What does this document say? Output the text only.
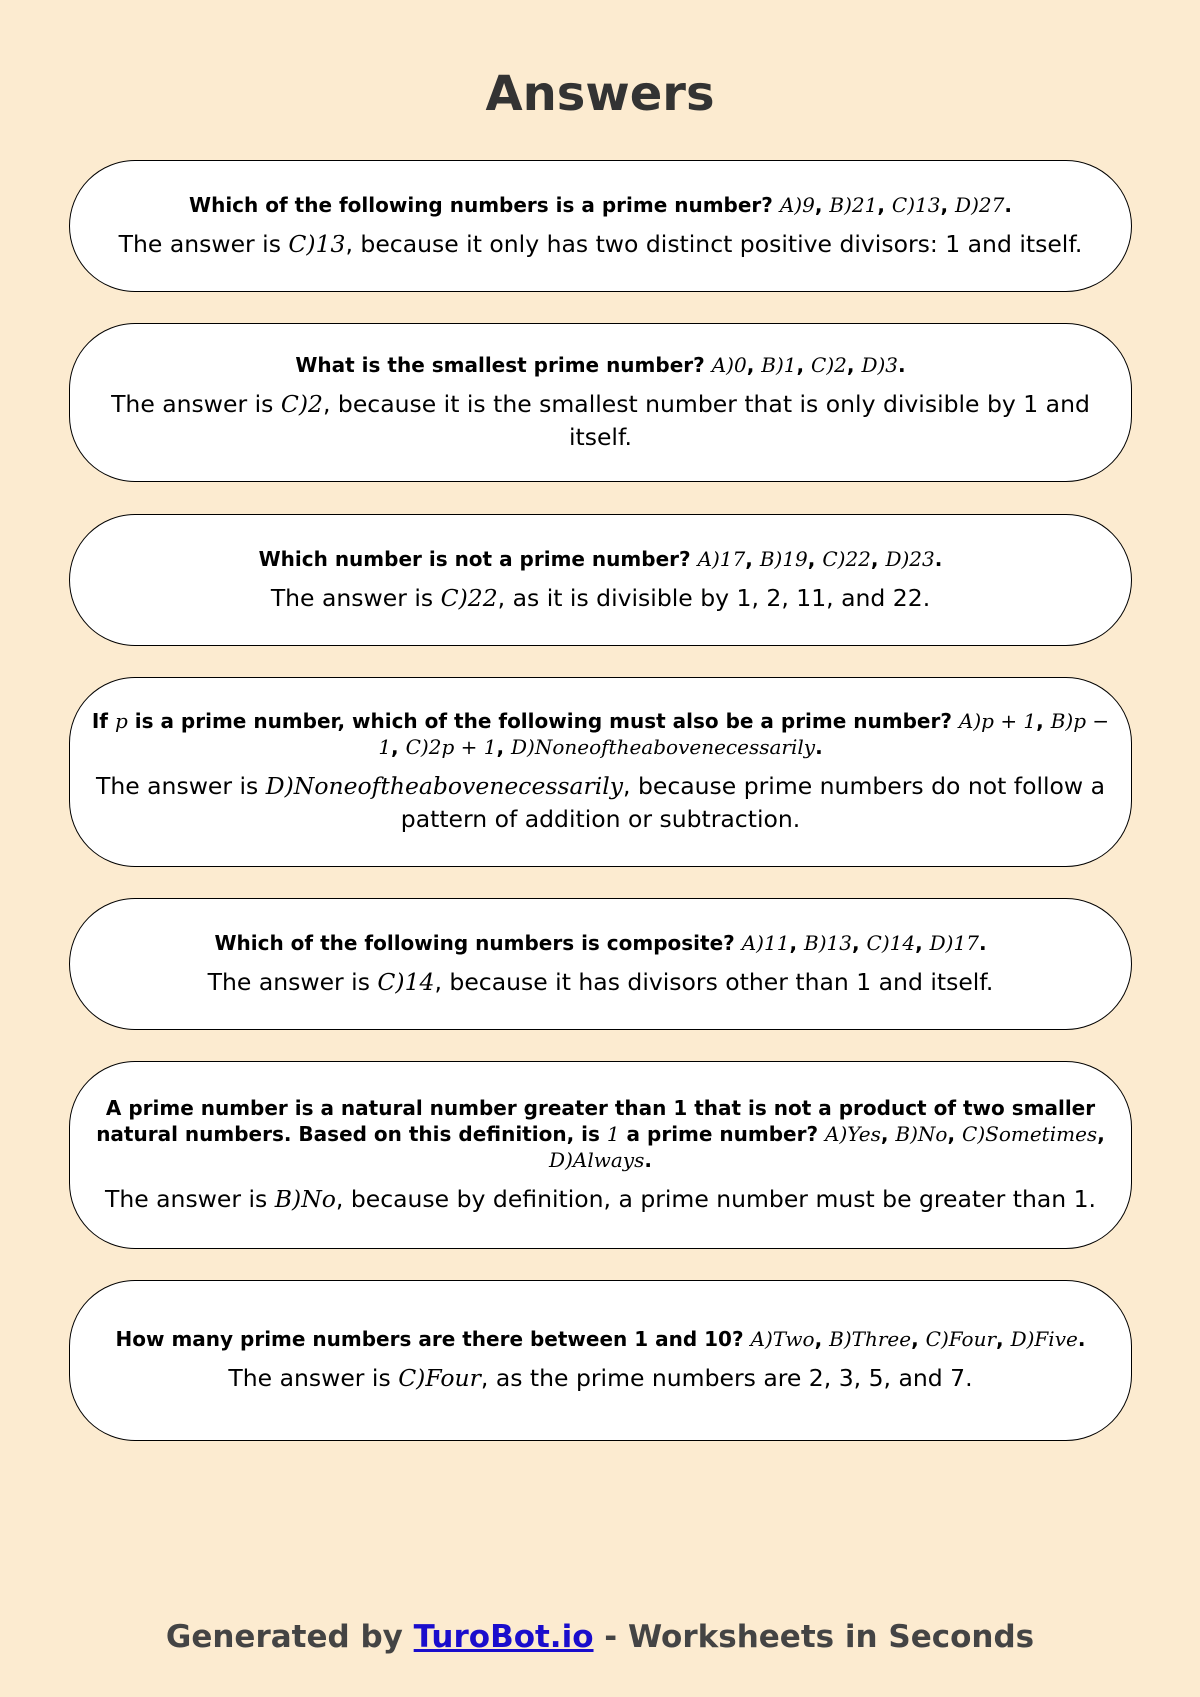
Answers
Which of the following numbers is a prime number? A)9, B)21, C)13, D)27.
The answer is C)13, because it only has two distinct positive divisors: 1 and itself.
What is the smallest prime number? A)0, B)1, C)2, D)3.
The answer is C)2, because it is the smallest number that is only divisible by 1 and itself.
Which number is not a prime number? A)17, B)19, C)22, D)23.
The answer is C)22, as it is divisible by 1, 2, 11, and 22.
If p is a prime number, which of the following must also be a prime number? A)p + 1, B)p − 1, C)2p + 1, D)Noneoftheabovenecessarily.
The answer is D)Noneoftheabovenecessarily, because prime numbers do not follow a pattern of addition or subtraction.
Which of the following numbers is composite? A)11, B)13, C)14, D)17.
The answer is C)14, because it has divisors other than 1 and itself.
A prime number is a natural number greater than 1 that is not a product of two smaller natural numbers. Based on this definition, is 1 a prime number? A)Yes, B)No, C)Sometimes, D)Always.
The answer is B)No, because by definition, a prime number must be greater than 1.
How many prime numbers are there between 1 and 10? A)Two, B)Three, C)Four, D)Five.
The answer is C)Four, as the prime numbers are 2, 3, 5, and 7.
Generated by TuroBot.io - Worksheets in Seconds
